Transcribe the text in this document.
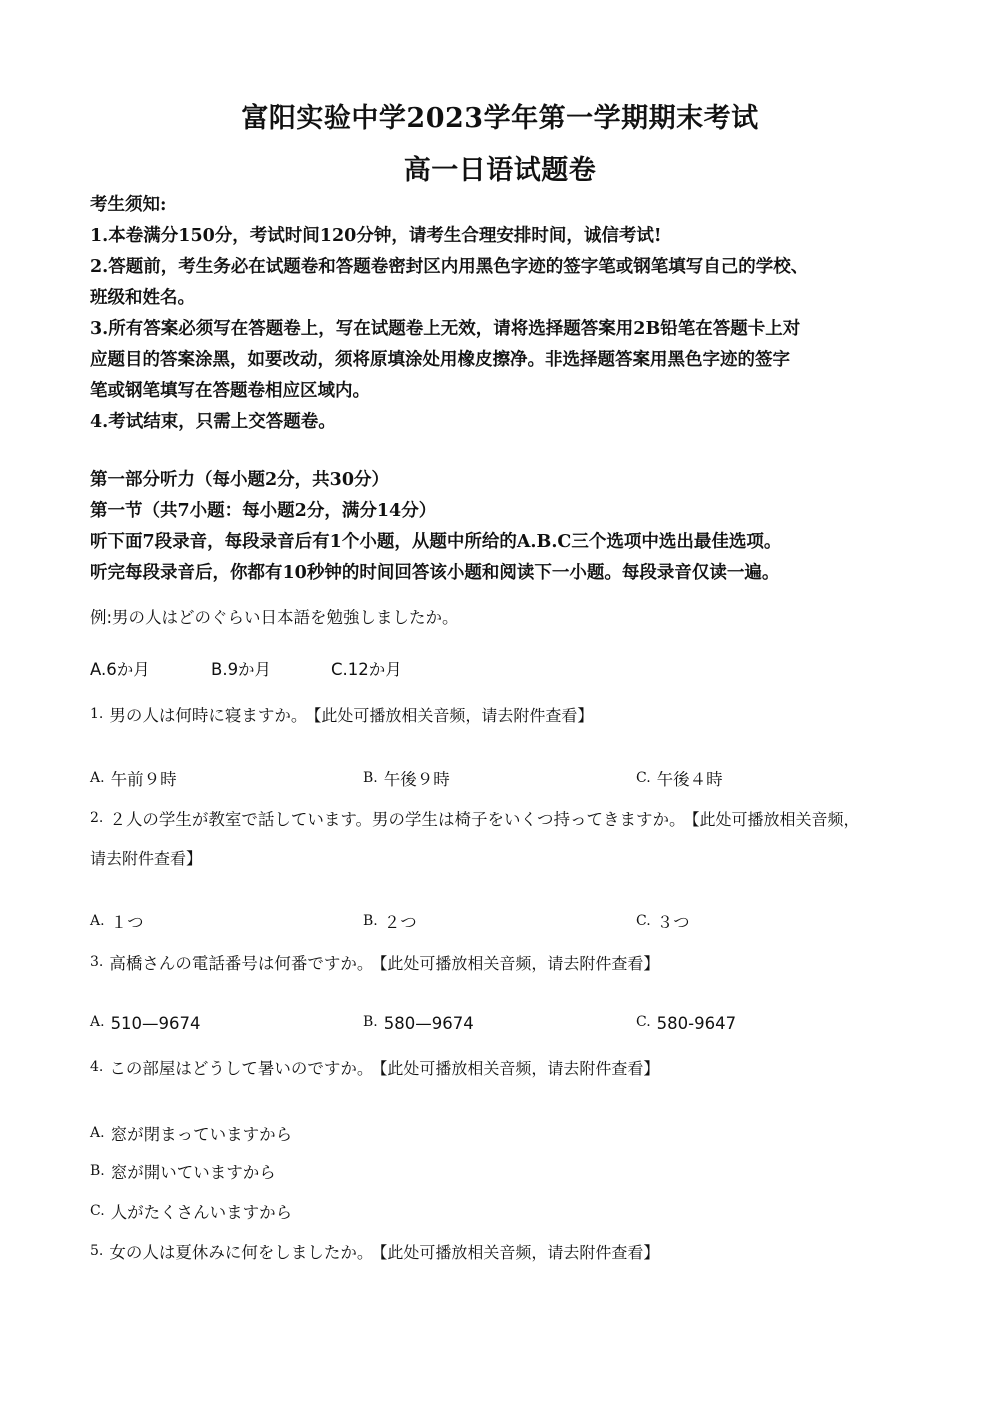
富阳实验中学2023学年第一学期期末考试
高一日语试题卷
考生须知:
1.本卷满分150分，考试时间120分钟，请考生合理安排时间，诚信考试!
2.答题前，考生务必在试题卷和答题卷密封区内用黑色字迹的签字笔或钢笔填写自己的学校、
班级和姓名。
3.所有答案必须写在答题卷上，写在试题卷上无效，请将选择题答案用2B铅笔在答题卡上对
应题目的答案涂黑，如要改动，须将原填涂处用橡皮擦净。非选择题答案用黑色字迹的签字
笔或钢笔填写在答题卷相应区域内。
4.考试结束，只需上交答题卷。
第一部分听力（每小题2分，共30分）
第一节（共7小题：每小题2分，满分14分）
听下面7段录音，每段录音后有1个小题，从题中所给的A.B.C三个选项中选出最佳选项。
听完每段录音后，你都有10秒钟的时间回答该小题和阅读下一小题。每段录音仅读一遍。
例:男の人はどのぐらい日本語を勉強しましたか。
A.6か月	B.9か月	C.12か月
1. 男の人は何時に寝ますか。 【此处可播放相关音频，请去附件查看】
A. 午前９時	B. 午後９時	C. 午後４時
2. ２人の学生が教室で話しています。男の学生は椅子をいくつ持ってきますか。 【此处可播放相关音频，
请去附件查看】
A. １つ	B. ２つ	C. ３つ
3. 高橋さんの電話番号は何番ですか。 【此处可播放相关音频，请去附件查看】
A. 510—9674	B. 580—9674	C. 580-9647
4. この部屋はどうして暑いのですか。 【此处可播放相关音频，请去附件查看】
A. 窓が閉まっていますから
B. 窓が開いていますから
C. 人がたくさんいますから
5. 女の人は夏休みに何をしましたか。 【此处可播放相关音频，请去附件查看】
